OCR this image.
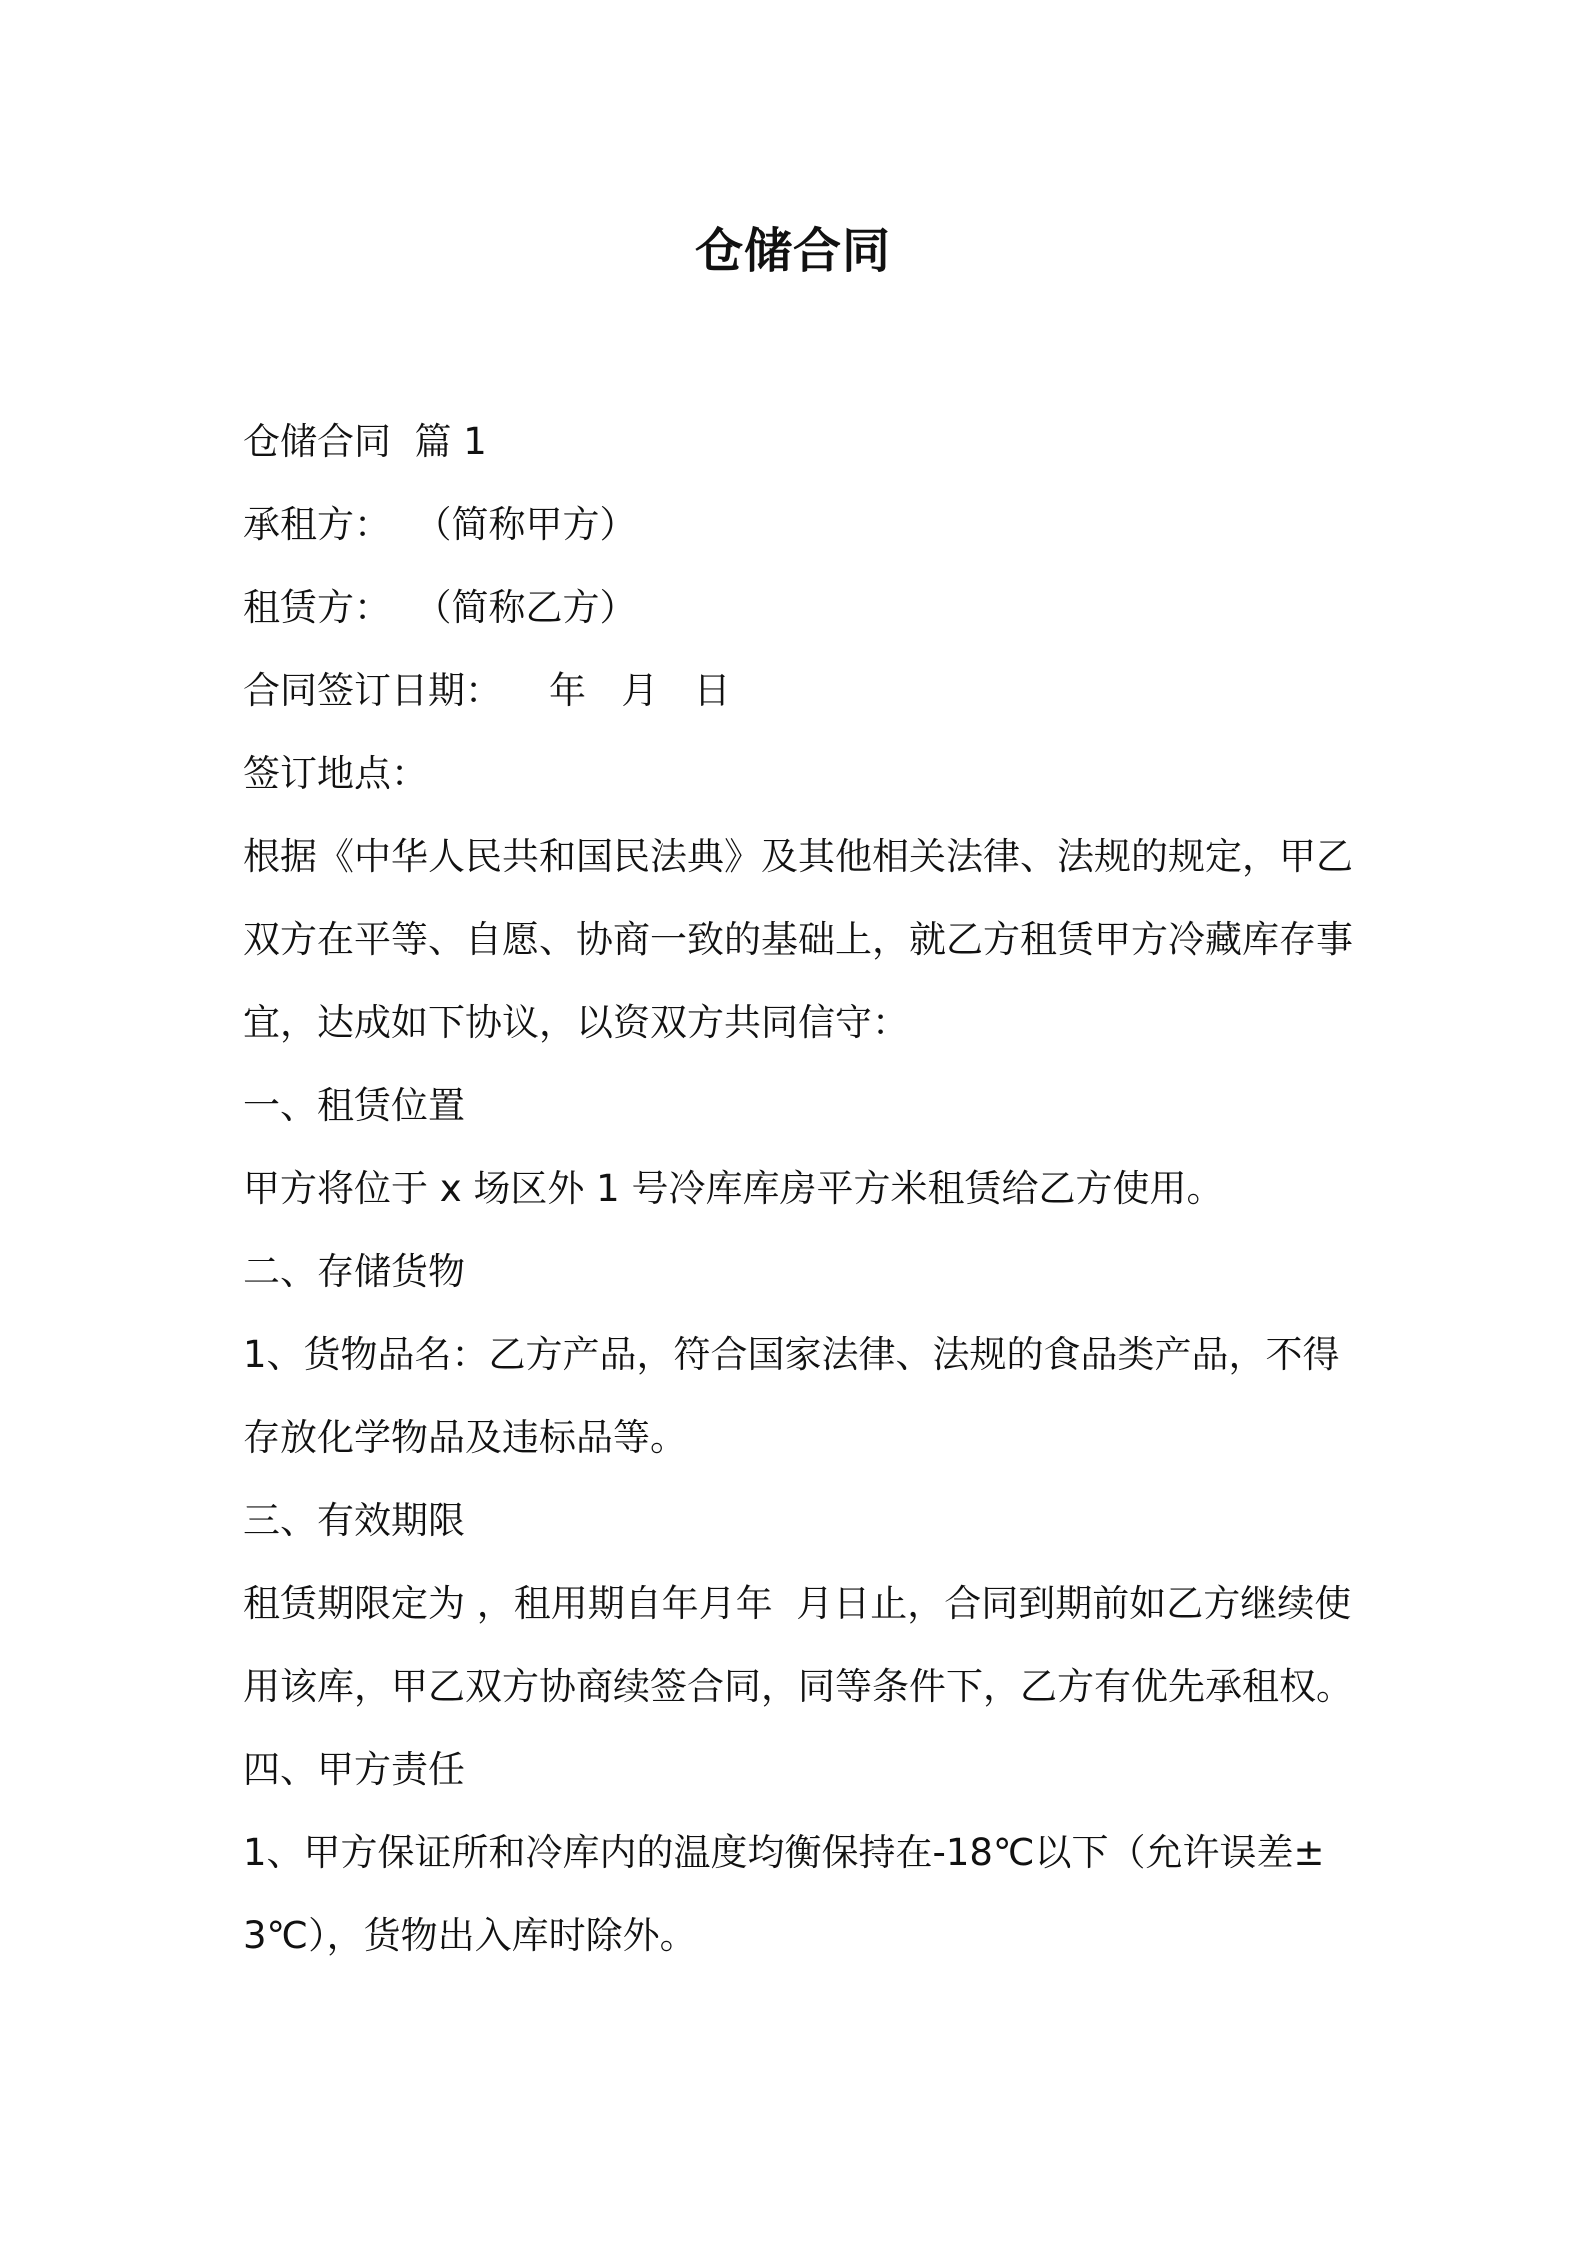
仓储合同
仓储合同  篇 1
承租方：  （简称甲方）
租赁方：  （简称乙方）
合同签订日期：    年   月   日
签订地点：
根据《中华人民共和国民法典》及其他相关法律、法规的规定，甲乙
双方在平等、自愿、协商一致的基础上，就乙方租赁甲方冷藏库存事
宜，达成如下协议，以资双方共同信守：
一、租赁位置
甲方将位于 x 场区外 1 号冷库库房平方米租赁给乙方使用。
二、存储货物
1、货物品名：乙方产品，符合国家法律、法规的食品类产品，不得
存放化学物品及违标品等。
三、有效期限
租赁期限定为 ，租用期自年月年  月日止，合同到期前如乙方继续使
用该库，甲乙双方协商续签合同，同等条件下，乙方有优先承租权。
四、甲方责任
1、甲方保证所和冷库内的温度均衡保持在-18℃以下（允许误差±
3℃），货物出入库时除外。
